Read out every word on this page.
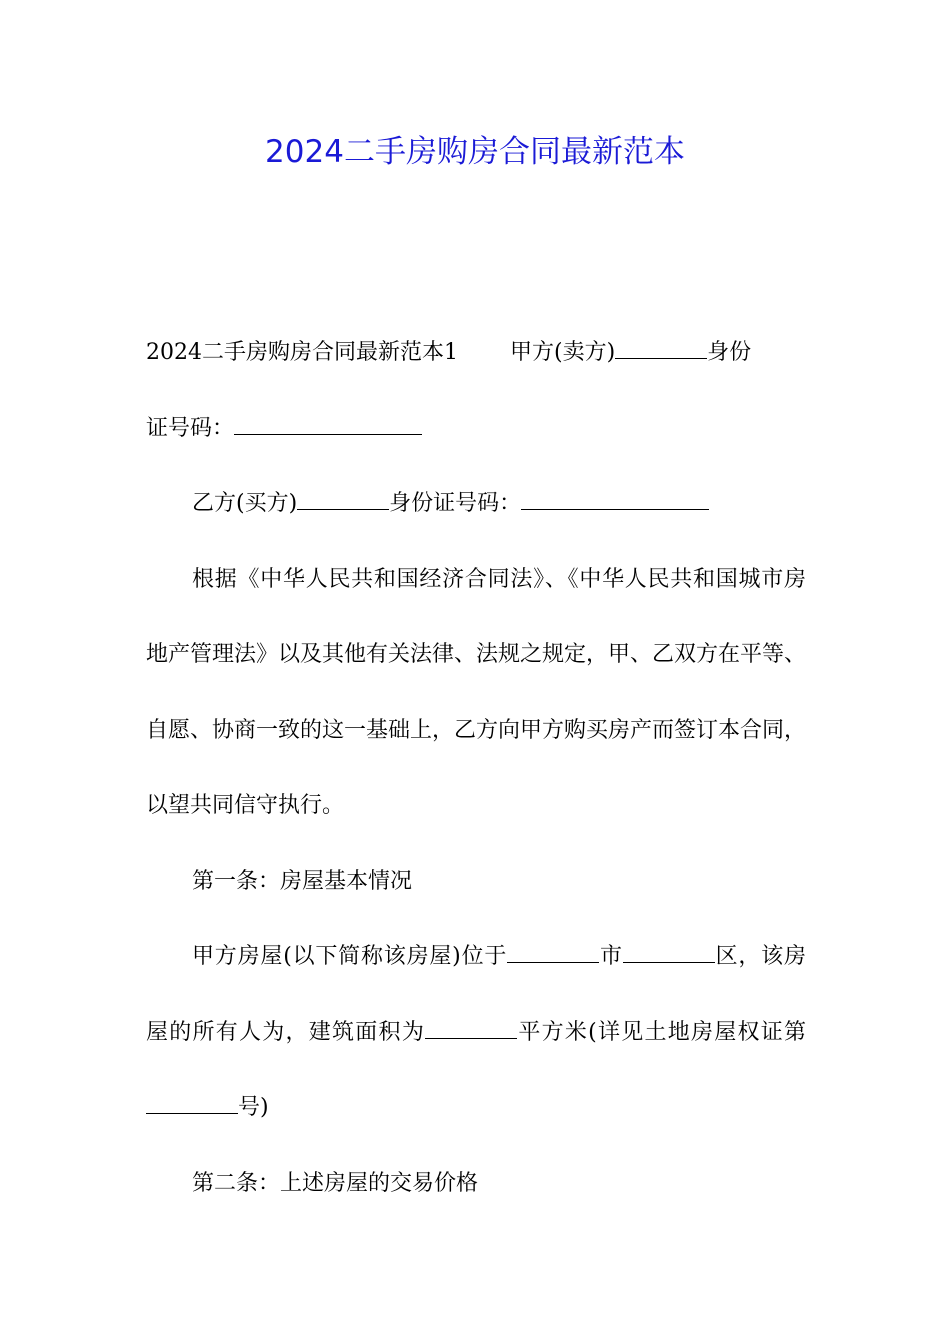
2024二手房购房合同最新范本

2024二手房购房合同最新范本1 甲方(卖方)	身份

证号码：

乙方(买方)	身份证号码：

根据《中华人民共和国经济合同法》、《中华人民共和国城市房地产管理法》以及其他有关法律、法规之规定，甲、乙双方在平等、自愿、协商一致的这一基础上，乙方向甲方购买房产而签订本合同，以望共同信守执行。

第一条：房屋基本情况

甲方房屋(以下简称该房屋)位于	市	区，该房屋的所有人为，建筑面积为	平方米(详见土地房屋权证第号)

第二条：上述房屋的交易价格
